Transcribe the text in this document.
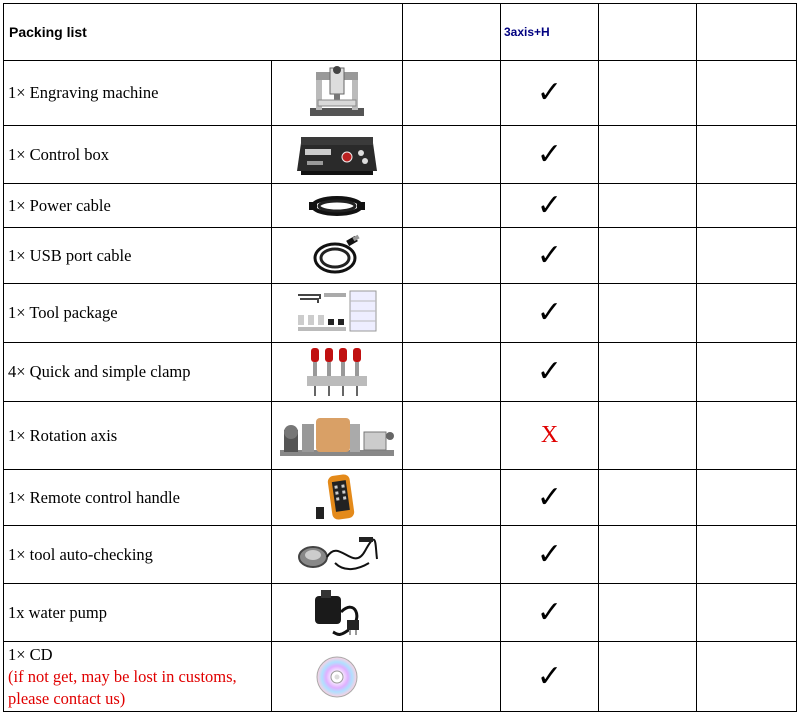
Packing list			3axis+H		
1× Engraving machine			✓		
1× Control box			✓		
1× Power cable			✓		
1× USB port cable			✓		
1× Tool package			✓		
4× Quick and simple clamp			✓		
1× Rotation axis			X		
1× Remote control handle			✓		
1× tool auto-checking			✓		
1x water pump			✓		
1× CD
(if not get, may be lost in customs, please contact us)			✓		
